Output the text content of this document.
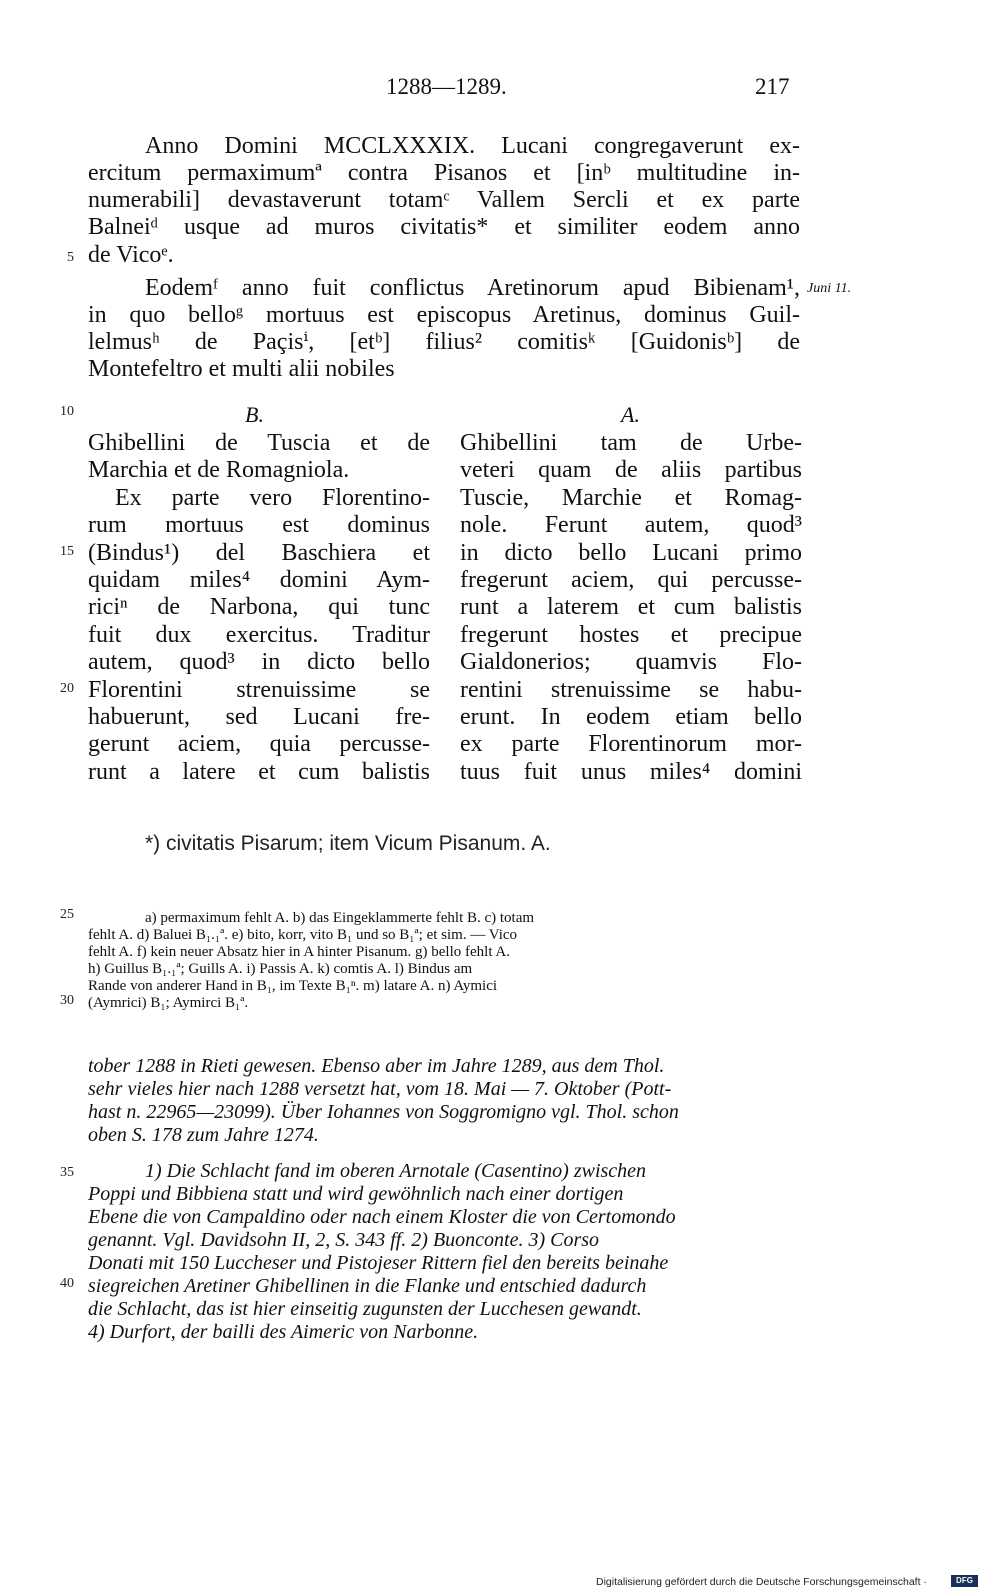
1288—1289.	217
Anno Domini MCCLXXXIX. Lucani congregaverunt ex-
ercitum permaximumª contra Pisanos et [inᵇ multitudine in-
numerabili] devastaverunt totamᶜ Vallem Sercli et ex parte
Balneiᵈ usque ad muros civitatis* et similiter eodem anno
de Vicoᵉ.
Eodemᶠ anno fuit conflictus Aretinorum apud Bibienam¹,
in quo belloᵍ mortuus est episcopus Aretinus, dominus Guil-
lelmusʰ de Paçisⁱ, [etᵇ] filius² comitisᵏ [Guidonisᵇ] de
Montefeltro et multi alii nobiles
Juni 11.
5
10
15
20
25
30
35
40
B.	A.
Ghibellini de Tuscia et de
Marchia et de Romagniola.
Ex parte vero Florentino-
rum mortuus est dominus
(Bindus¹) del Baschiera et
quidam miles⁴ domini Aym-
riciⁿ de Narbona, qui tunc
fuit dux exercitus. Traditur
autem, quod³ in dicto bello
Florentini strenuissime se
habuerunt, sed Lucani fre-
gerunt aciem, quia percusse-
runt a latere et cum balistis
Ghibellini tam de Urbe-
veteri quam de aliis partibus
Tuscie, Marchie et Romag-
nole. Ferunt autem, quod³
in dicto bello Lucani primo
fregerunt aciem, qui percusse-
runt a laterem et cum balistis
fregerunt hostes et precipue
Gialdonerios; quamvis Flo-
rentini strenuissime se habu-
erunt. In eodem etiam bello
ex parte Florentinorum mor-
tuus fuit unus miles⁴ domini
*) civitatis Pisarum; item Vicum Pisanum. A.
a) permaximum fehlt A. b) das Eingeklammerte fehlt B. c) totam
fehlt A. d) Baluei B₁.₁ª. e) bito, korr, vito B₁ und so B₁ª; et sim. — Vico
fehlt A. f) kein neuer Absatz hier in A hinter Pisanum. g) bello fehlt A.
h) Guillus B₁.₁ª; Guills A. i) Passis A. k) comtis A. l) Bindus am
Rande von anderer Hand in B₁, im Texte B₁ⁿ. m) latare A. n) Aymici
(Aymrici) B₁; Aymirci B₁ª.
tober 1288 in Rieti gewesen. Ebenso aber im Jahre 1289, aus dem Thol.
sehr vieles hier nach 1288 versetzt hat, vom 18. Mai — 7. Oktober (Pott-
hast n. 22965—23099). Über Iohannes von Soggromigno vgl. Thol. schon
oben S. 178 zum Jahre 1274.
1) Die Schlacht fand im oberen Arnotale (Casentino) zwischen
Poppi und Bibbiena statt und wird gewöhnlich nach einer dortigen
Ebene die von Campaldino oder nach einem Kloster die von Certomondo
genannt. Vgl. Davidsohn II, 2, S. 343 ff. 2) Buonconte. 3) Corso
Donati mit 150 Luccheser und Pistojeser Rittern fiel den bereits beinahe
siegreichen Aretiner Ghibellinen in die Flanke und entschied dadurch
die Schlacht, das ist hier einseitig zugunsten der Lucchesen gewandt.
4) Durfort, der bailli des Aimeric von Narbonne.
Digitalisierung gefördert durch die Deutsche Forschungsgemeinschaft ·	DFG
